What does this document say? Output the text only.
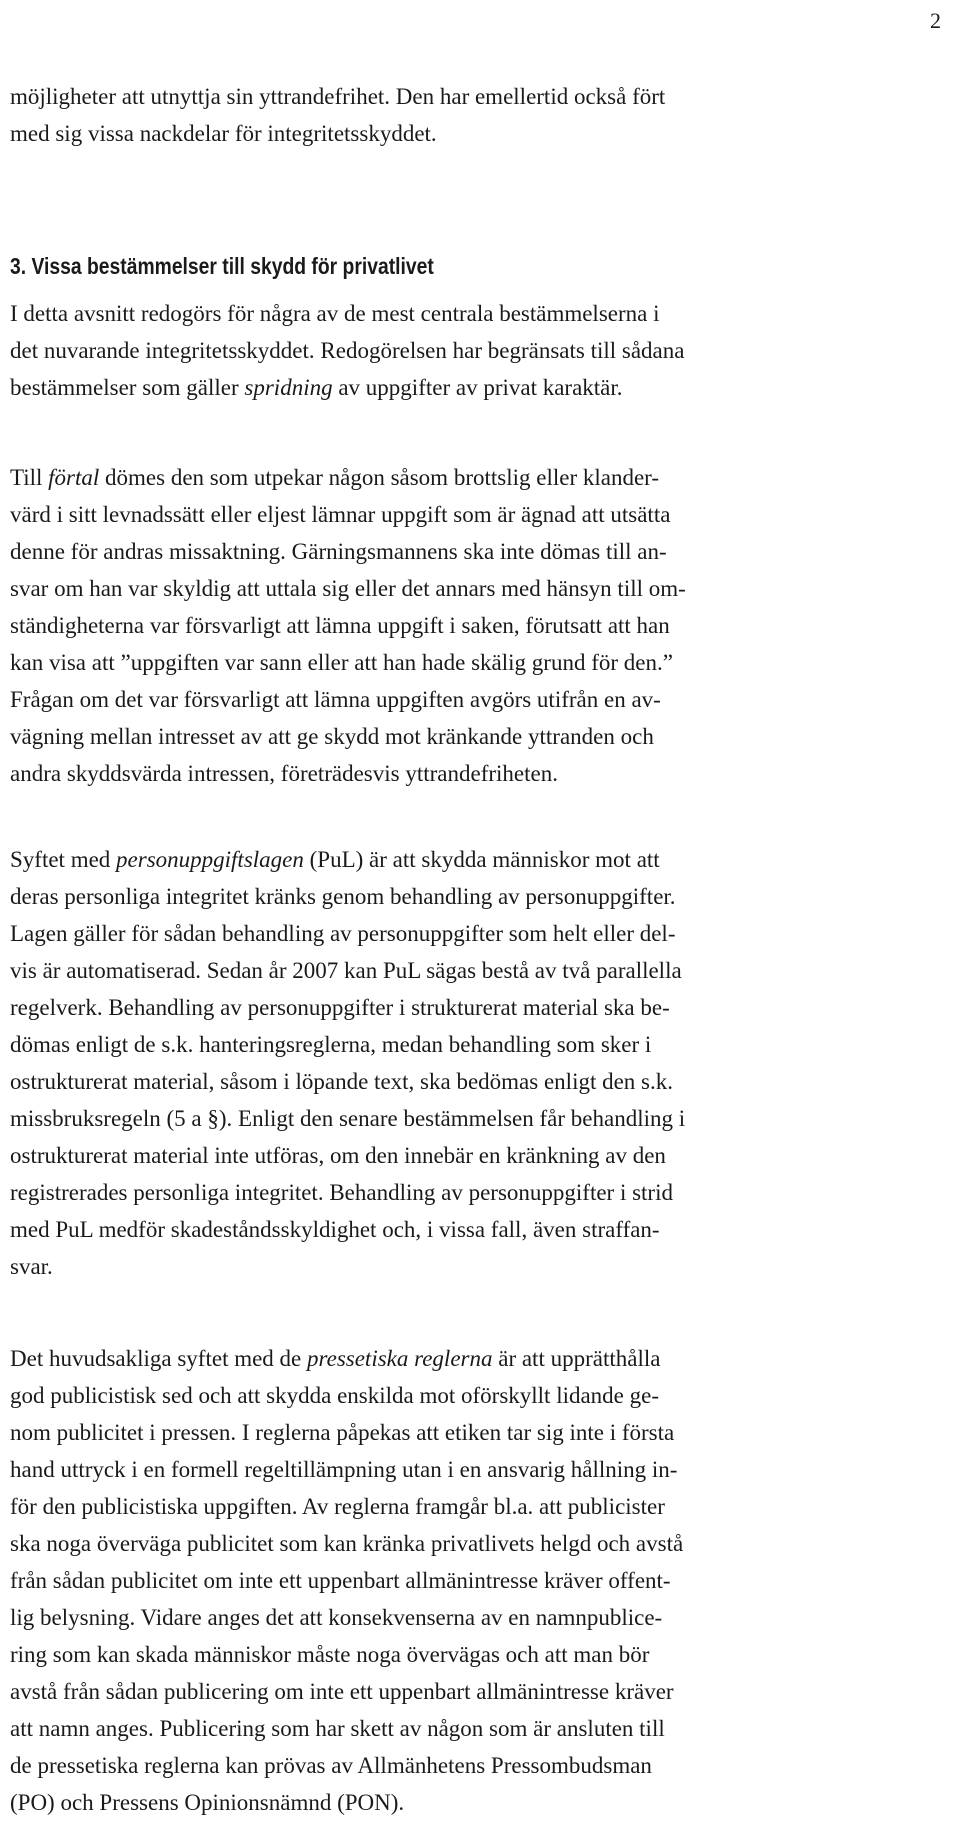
2
möjligheter att utnyttja sin yttrandefrihet. Den har emellertid också fört
med sig vissa nackdelar för integritetsskyddet.
3. Vissa bestämmelser till skydd för privatlivet
I detta avsnitt redogörs för några av de mest centrala bestämmelserna i
det nuvarande integritetsskyddet. Redogörelsen har begränsats till sådana
bestämmelser som gäller spridning av uppgifter av privat karaktär.
Till förtal dömes den som utpekar någon såsom brottslig eller klander-
värd i sitt levnadssätt eller eljest lämnar uppgift som är ägnad att utsätta
denne för andras missaktning. Gärningsmannens ska inte dömas till an-
svar om han var skyldig att uttala sig eller det annars med hänsyn till om-
ständigheterna var försvarligt att lämna uppgift i saken, förutsatt att han
kan visa att ”uppgiften var sann eller att han hade skälig grund för den.”
Frågan om det var försvarligt att lämna uppgiften avgörs utifrån en av-
vägning mellan intresset av att ge skydd mot kränkande yttranden och
andra skyddsvärda intressen, företrädesvis yttrandefriheten.
Syftet med personuppgiftslagen (PuL) är att skydda människor mot att
deras personliga integritet kränks genom behandling av personuppgifter.
Lagen gäller för sådan behandling av personuppgifter som helt eller del-
vis är automatiserad. Sedan år 2007 kan PuL sägas bestå av två parallella
regelverk. Behandling av personuppgifter i strukturerat material ska be-
dömas enligt de s.k. hanteringsreglerna, medan behandling som sker i
ostrukturerat material, såsom i löpande text, ska bedömas enligt den s.k.
missbruksregeln (5 a §). Enligt den senare bestämmelsen får behandling i
ostrukturerat material inte utföras, om den innebär en kränkning av den
registrerades personliga integritet. Behandling av personuppgifter i strid
med PuL medför skadeståndsskyldighet och, i vissa fall, även straffan-
svar.
Det huvudsakliga syftet med de pressetiska reglerna är att upprätthålla
god publicistisk sed och att skydda enskilda mot oförskyllt lidande ge-
nom publicitet i pressen. I reglerna påpekas att etiken tar sig inte i första
hand uttryck i en formell regeltillämpning utan i en ansvarig hållning in-
för den publicistiska uppgiften. Av reglerna framgår bl.a. att publicister
ska noga överväga publicitet som kan kränka privatlivets helgd och avstå
från sådan publicitet om inte ett uppenbart allmänintresse kräver offent-
lig belysning. Vidare anges det att konsekvenserna av en namnpublice-
ring som kan skada människor måste noga övervägas och att man bör
avstå från sådan publicering om inte ett uppenbart allmänintresse kräver
att namn anges. Publicering som har skett av någon som är ansluten till
de pressetiska reglerna kan prövas av Allmänhetens Pressombudsman
(PO) och Pressens Opinionsnämnd (PON).
